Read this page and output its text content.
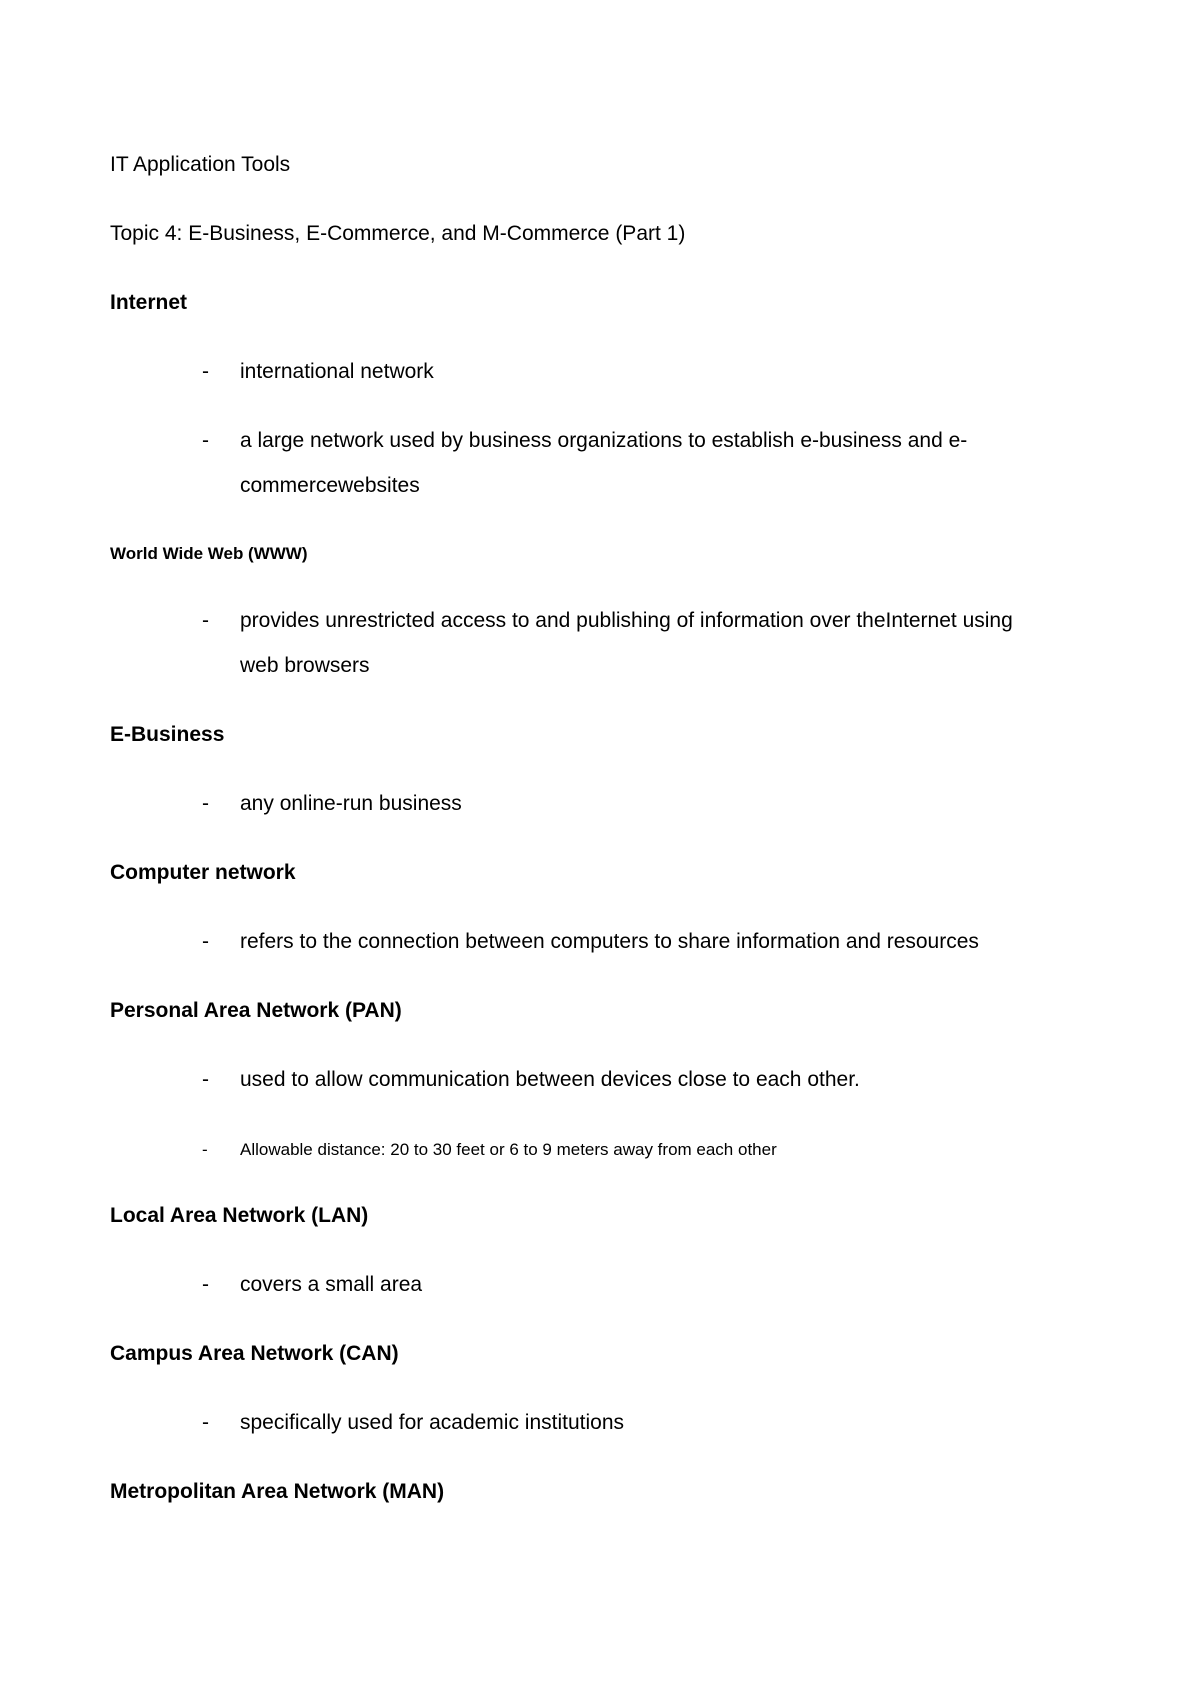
IT Application Tools
Topic 4: E-Business, E-Commerce, and M-Commerce (Part 1)
Internet
- international network
- a large network used by business organizations to establish e-business and e-
commercewebsites
World Wide Web (WWW)
- provides unrestricted access to and publishing of information over theInternet using
web browsers
E-Business
- any online-run business
Computer network
- refers to the connection between computers to share information and resources
Personal Area Network (PAN)
- used to allow communication between devices close to each other.
- Allowable distance: 20 to 30 feet or 6 to 9 meters away from each other
Local Area Network (LAN)
- covers a small area
Campus Area Network (CAN)
- specifically used for academic institutions
Metropolitan Area Network (MAN)
